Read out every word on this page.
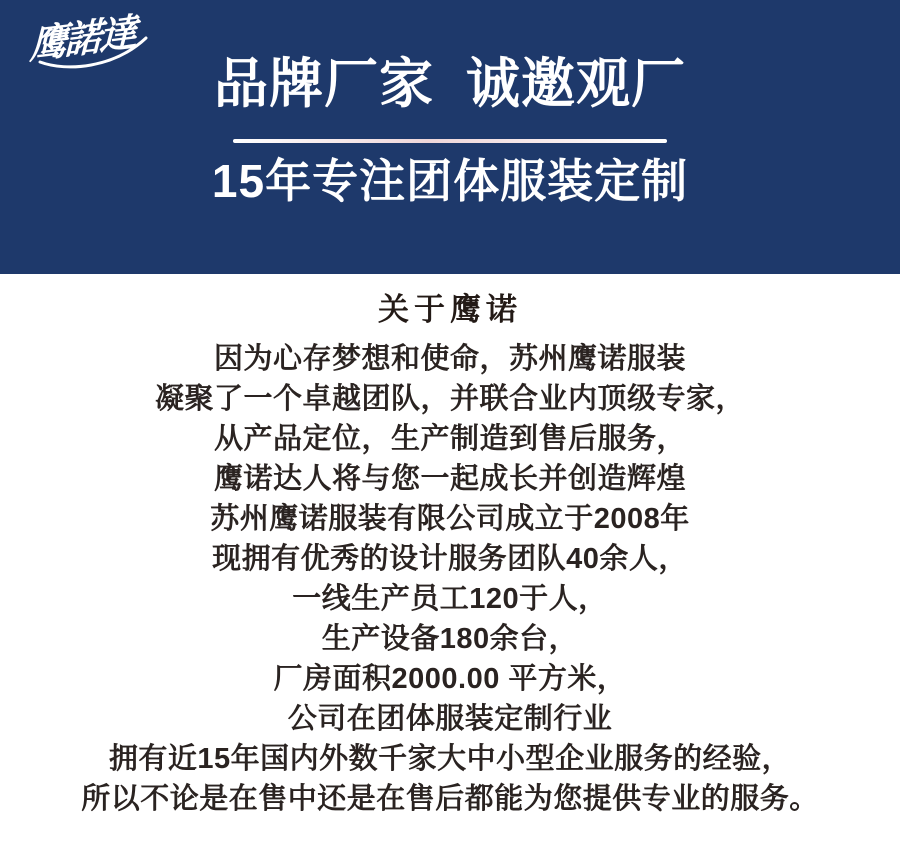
鹰諾達
品牌厂家  诚邀观厂
15年专注团体服装定制
关于鹰诺
因为心存梦想和使命，苏州鹰诺服装
凝聚了一个卓越团队，并联合业内顶级专家，
从产品定位，生产制造到售后服务，
鹰诺达人将与您一起成长并创造辉煌
苏州鹰诺服装有限公司成立于2008年
现拥有优秀的设计服务团队40余人，
一线生产员工120于人，
生产设备180余台，
厂房面积2000.00 平方米，
公司在团体服装定制行业
拥有近15年国内外数千家大中小型企业服务的经验，
所以不论是在售中还是在售后都能为您提供专业的服务。
